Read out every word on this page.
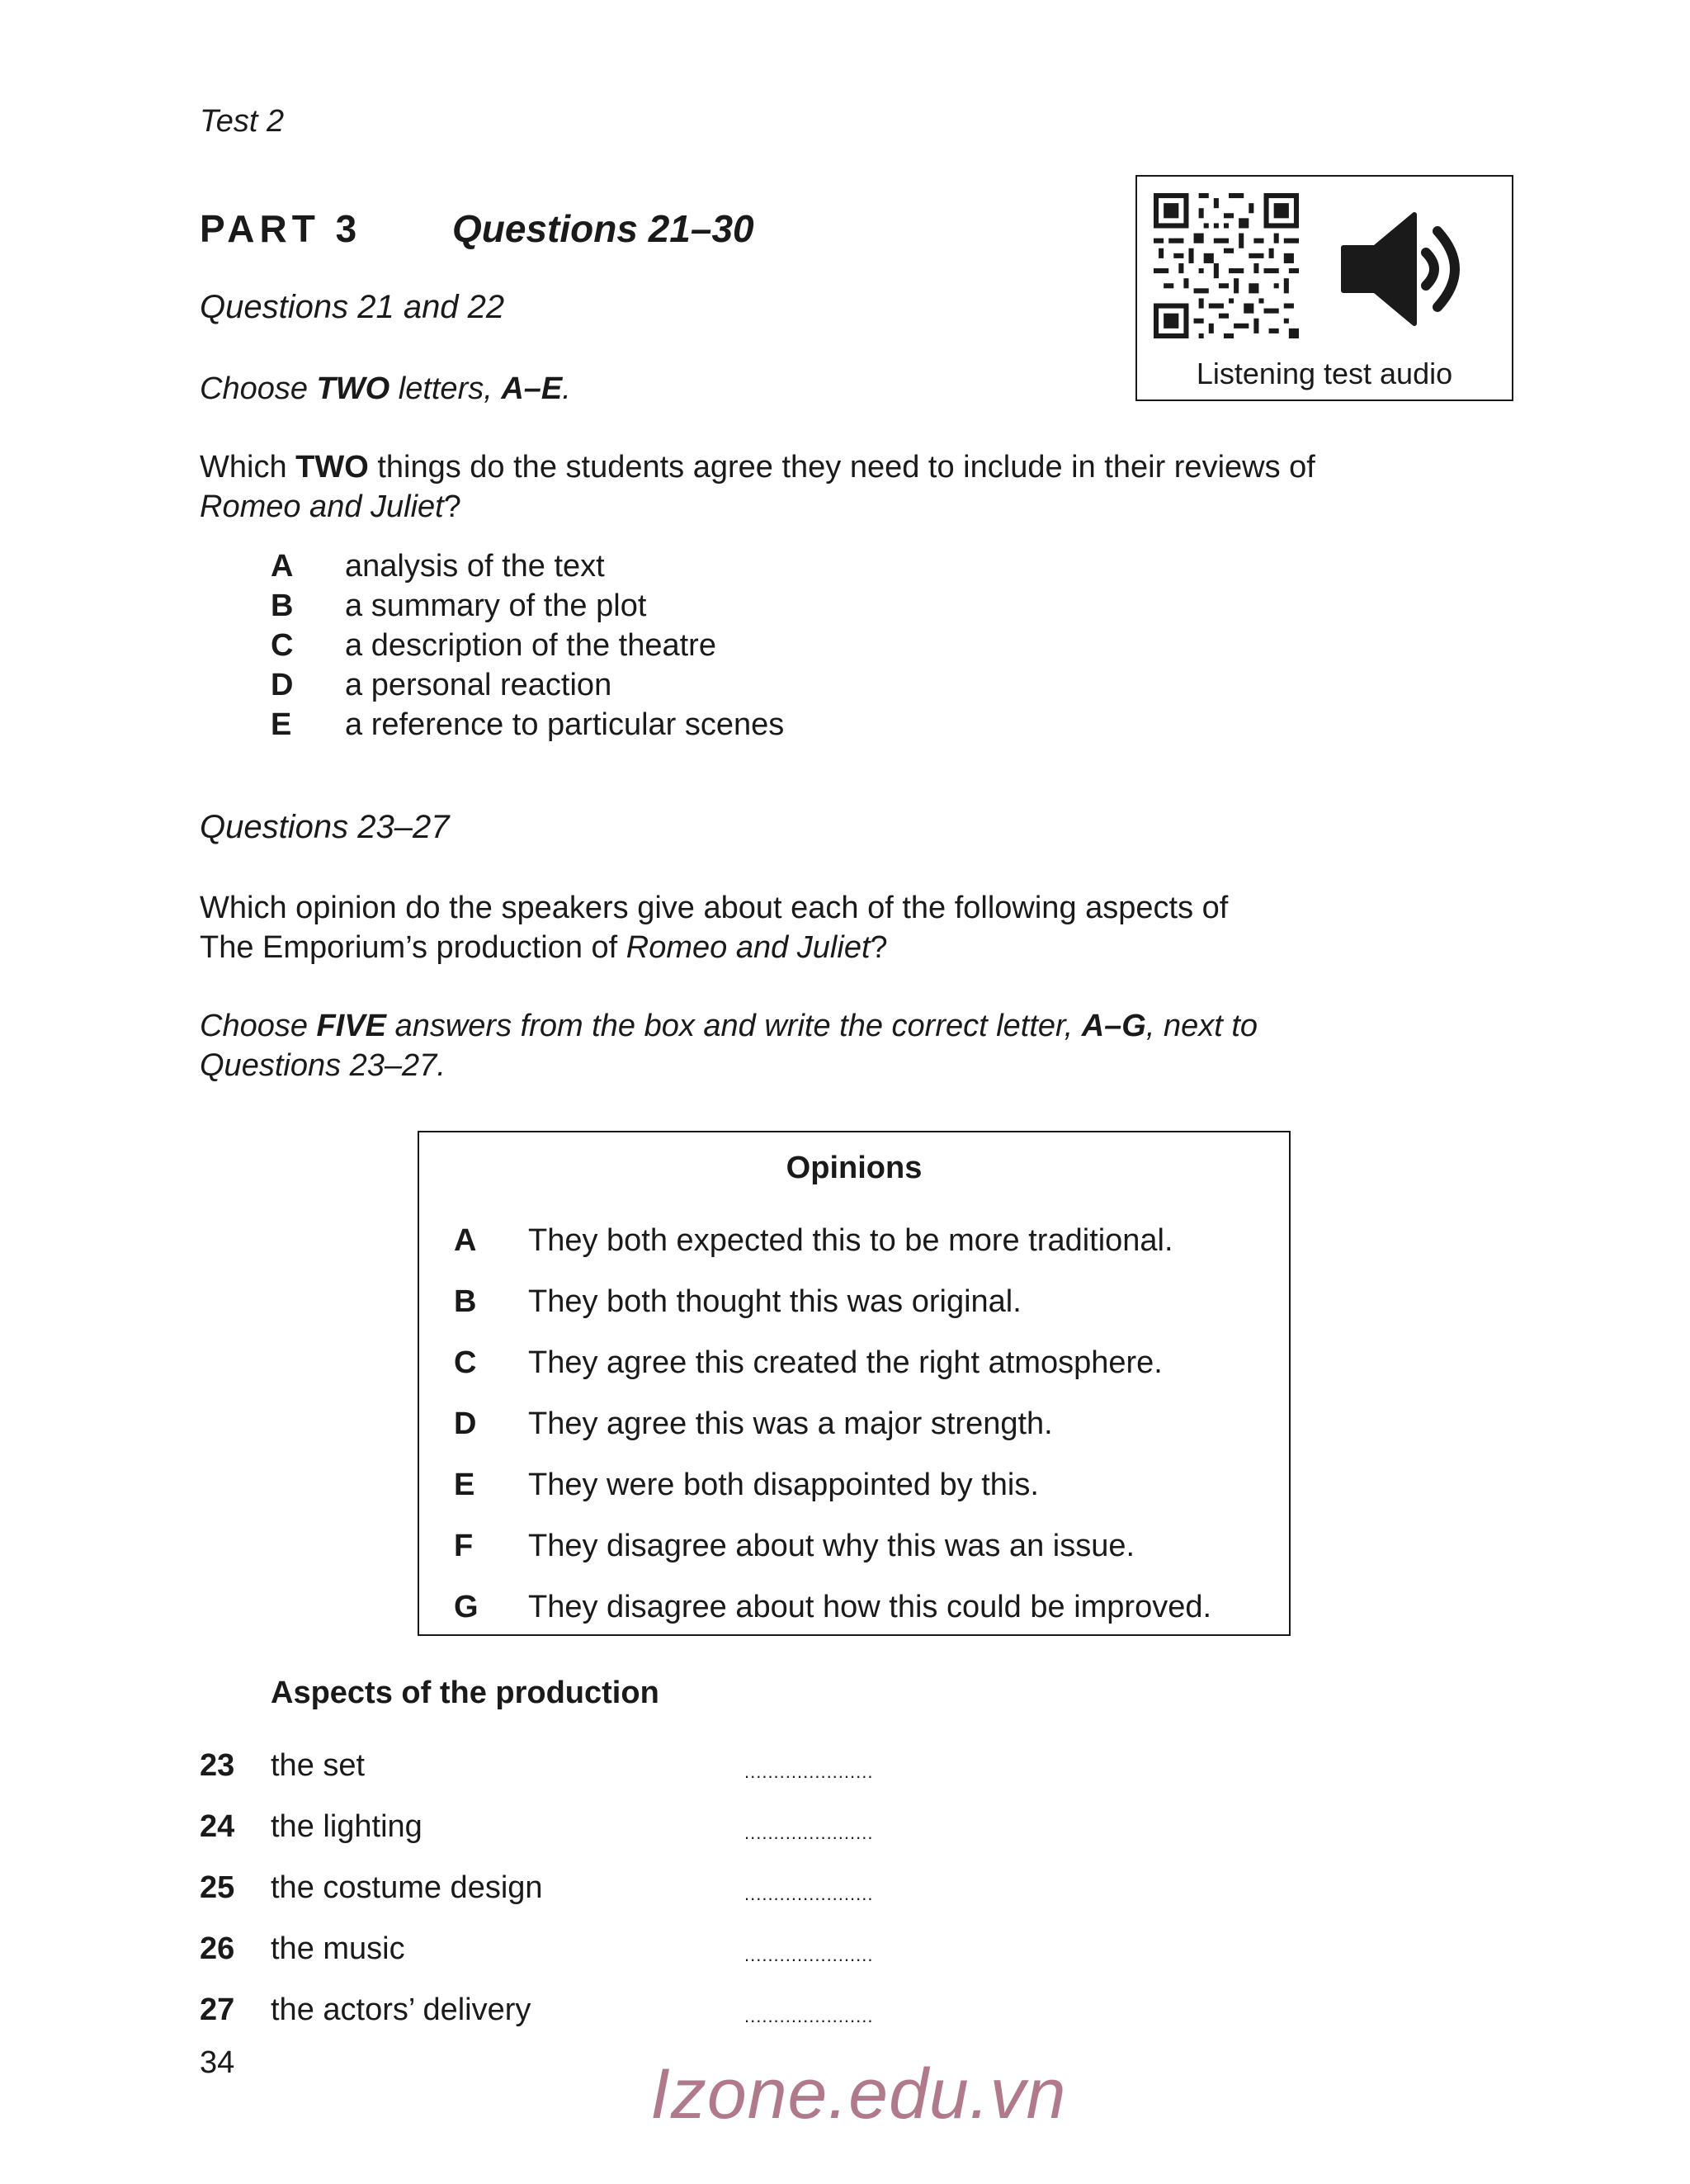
Test 2
PART 3	Questions 21–30
Listening test audio
Questions 21 and 22
Choose TWO letters, A–E.
Which TWO things do the students agree they need to include in their reviews of
Romeo and Juliet?
A	analysis of the text
B	a summary of the plot
C	a description of the theatre
D	a personal reaction
E	a reference to particular scenes
Questions 23–27
Which opinion do the speakers give about each of the following aspects of
The Emporium’s production of Romeo and Juliet?
Choose FIVE answers from the box and write the correct letter, A–G, next to
Questions 23–27.
Opinions
A	They both expected this to be more traditional.
B	They both thought this was original.
C	They agree this created the right atmosphere.
D	They agree this was a major strength.
E	They were both disappointed by this.
F	They disagree about why this was an issue.
G	They disagree about how this could be improved.
Aspects of the production
23	the set	......................
24	the lighting	......................
25	the costume design	......................
26	the music	......................
27	the actors’ delivery	......................
34	Izone.edu.vn
